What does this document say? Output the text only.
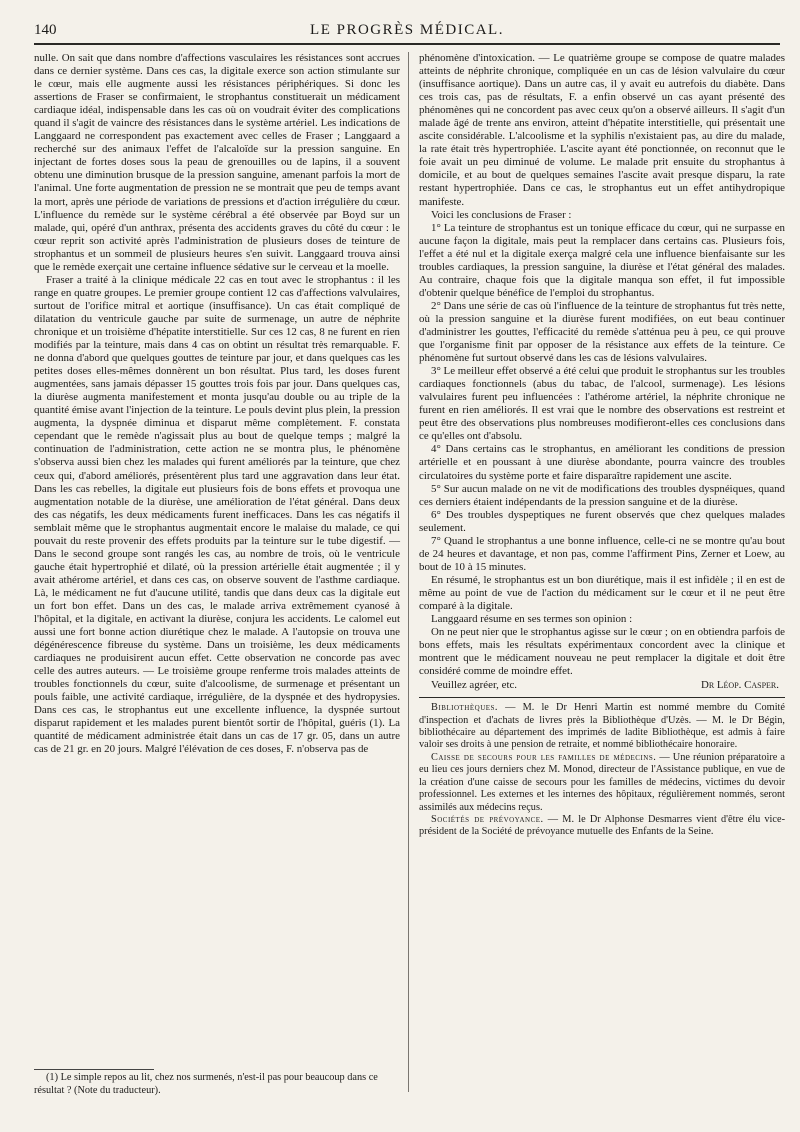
140	LE PROGRÈS MÉDICAL.

nulle. On sait que dans nombre d'affections vasculaires les résistances sont accrues dans ce dernier système. Dans ces cas, la digitale exerce son action stimulante sur le cœur, mais elle augmente aussi les résistances périphériques. Si donc les assertions de Fraser se confirmaient, le strophantus constituerait un médicament cardiaque idéal, indispensable dans les cas où on voudrait éviter des complications quand il s'agit de vaincre des résistances dans le système artériel. Les indications de Langgaard ne correspondent pas exactement avec celles de Fraser ; Langgaard a recherché sur des animaux l'effet de l'alcaloïde sur la pression sanguine. En injectant de fortes doses sous la peau de grenouilles ou de lapins, il a souvent obtenu une diminution brusque de la pression sanguine, amenant parfois la mort de l'animal. Une forte augmentation de pression ne se montrait que peu de temps avant la mort, après une période de variations de pressions et d'action irrégulière du cœur. L'influence du remède sur le système cérébral a été observée par Boyd sur un malade, qui, opéré d'un anthrax, présenta des accidents graves du côté du cœur : le cœur reprit son activité après l'administration de plusieurs doses de teinture de strophantus et un sommeil de plusieurs heures s'en suivit. Langgaard trouva ainsi que le remède exerçait une certaine influence sédative sur le cerveau et la moelle.

Fraser a traité à la clinique médicale 22 cas en tout avec le strophantus : il les range en quatre groupes. Le premier groupe contient 12 cas d'affections valvulaires, surtout de l'orifice mitral et aortique (insuffisance). Un cas était compliqué de dilatation du ventricule gauche par suite de surmenage, un autre de néphrite chronique et un troisième d'hépatite interstitielle. Sur ces 12 cas, 8 ne furent en rien modifiés par la teinture, mais dans 4 cas on obtint un résultat très remarquable. F. ne donna d'abord que quelques gouttes de teinture par jour, et dans quelques cas les petites doses elles-mêmes donnèrent un bon résultat. Plus tard, les doses furent augmentées, sans jamais dépasser 15 gouttes trois fois par jour. Dans quelques cas, la diurèse augmenta manifestement et monta jusqu'au double ou au triple de la quantité émise avant l'injection de la teinture. Le pouls devint plus plein, la pression augmenta, la dyspnée diminua et disparut même complètement. F. constata cependant que le remède n'agissait plus au bout de quelque temps ; malgré la continuation de l'administration, cette action ne se montra plus, le phénomène s'observa aussi bien chez les malades qui furent améliorés par la teinture, que chez ceux qui, d'abord améliorés, présentèrent plus tard une aggravation dans leur état. Dans les cas rebelles, la digitale eut plusieurs fois de bons effets et provoqua une augmentation notable de la diurèse, une amélioration de l'état général. Dans deux des cas négatifs, les deux médicaments furent inefficaces. Dans les cas négatifs il semblait même que le strophantus augmentait encore le malaise du malade, ce qui pouvait du reste provenir des effets produits par la teinture sur le tube digestif. — Dans le second groupe sont rangés les cas, au nombre de trois, où le ventricule gauche était hypertrophié et dilaté, où la pression artérielle était augmentée ; il y avait athérome artériel, et dans ces cas, on observe souvent de l'asthme cardiaque. Là, le médicament ne fut d'aucune utilité, tandis que dans deux cas la digitale eut un fort bon effet. Dans un des cas, le malade arriva extrêmement cyanosé à l'hôpital, et la digitale, en activant la diurèse, conjura les accidents. Le calomel eut aussi une fort bonne action diurétique chez le malade. A l'autopsie on trouva une dégénérescence fibreuse du système. Dans un troisième, les deux médicaments cardiaques ne produisirent aucun effet. Cette observation ne concorde pas avec celle des autres auteurs. — Le troisième groupe renferme trois malades atteints de troubles fonctionnels du cœur, suite d'alcoolisme, de surmenage et présentant un pouls faible, une activité cardiaque, irrégulière, de la dyspnée et des hydropysies. Dans ces cas, le strophantus eut une excellente influence, la dyspnée surtout disparut rapidement et les malades purent bientôt sortir de l'hôpital, guéris (1). La quantité de médicament administrée était dans un cas de 17 gr. 05, dans un autre cas de 21 gr. en 20 jours. Malgré l'élévation de ces doses, F. n'observa pas de

(1) Le simple repos au lit, chez nos surmenés, n'est-il pas pour beaucoup dans ce résultat ? (Note du traducteur).

phénomène d'intoxication. — Le quatrième groupe se compose de quatre malades atteints de néphrite chronique, compliquée en un cas de lésion valvulaire du cœur (insuffisance aortique). Dans un autre cas, il y avait eu autrefois du diabète. Dans ces trois cas, pas de résultats, F. a enfin observé un cas ayant présenté des phénomènes qui ne concordent pas avec ceux qu'on a observé ailleurs. Il s'agit d'un malade âgé de trente ans environ, atteint d'hépatite interstitielle, qui présentait une ascite considérable. L'alcoolisme et la syphilis n'existaient pas, au dire du malade, la rate était très hypertrophiée. L'ascite ayant été ponctionnée, on reconnut que le foie avait un peu diminué de volume. Le malade prit ensuite du strophantus à domicile, et au bout de quelques semaines l'ascite avait presque disparu, la rate restant hypertrophiée. Dans ce cas, le strophantus eut un effet antihydropique manifeste.

Voici les conclusions de Fraser :

1° La teinture de strophantus est un tonique efficace du cœur, qui ne surpasse en aucune façon la digitale, mais peut la remplacer dans certains cas. Plusieurs fois, l'effet a été nul et la digitale exerça malgré cela une influence bienfaisante sur les troubles cardiaques, la pression sanguine, la diurèse et l'état général des malades. Au contraire, chaque fois que la digitale manqua son effet, il fut impossible d'obtenir quelque bénéfice de l'emploi du strophantus.

2° Dans une série de cas où l'influence de la teinture de strophantus fut très nette, où la pression sanguine et la diurèse furent modifiées, on eut beau continuer d'administrer les gouttes, l'efficacité du remède s'atténua peu à peu, ce qui prouve que l'organisme finit par opposer de la résistance aux effets de la teinture. Ce phénomène fut surtout observé dans les cas de lésions valvulaires.

3° Le meilleur effet observé a été celui que produit le strophantus sur les troubles cardiaques fonctionnels (abus du tabac, de l'alcool, surmenage). Les lésions valvulaires furent peu influencées : l'athérome artériel, la néphrite chronique ne furent en rien améliorés. Il est vrai que le nombre des observations est restreint et peut être des observations plus nombreuses modifieront-elles ces conclusions dans ce qu'elles ont d'absolu.

4° Dans certains cas le strophantus, en améliorant les conditions de pression artérielle et en poussant à une diurèse abondante, pourra vaincre des troubles circulatoires du système porte et faire disparaître rapidement une ascite.

5° Sur aucun malade on ne vit de modifications des troubles dyspnéiques, quand ces derniers étaient indépendants de la pression sanguine et de la diurèse.

6° Des troubles dyspeptiques ne furent observés que chez quelques malades seulement.

7° Quand le strophantus a une bonne influence, celle-ci ne se montre qu'au bout de 24 heures et davantage, et non pas, comme l'affirment Pins, Zerner et Loew, au bout de 10 à 15 minutes.

En résumé, le strophantus est un bon diurétique, mais il est infidèle ; il en est de même au point de vue de l'action du médicament sur le cœur et il ne peut être comparé à la digitale.

Langgaard résume en ses termes son opinion :

On ne peut nier que le strophantus agisse sur le cœur ; on en obtiendra parfois de bons effets, mais les résultats expérimentaux concordent avec la clinique et montrent que le médicament nouveau ne peut remplacer la digitale et doit être considéré comme de moindre effet.

Veuillez agréer, etc.	Dr Léop. Casper.

Bibliothèques. — M. le Dr Henri Martin est nommé membre du Comité d'inspection et d'achats de livres près la Bibliothèque d'Uzès. — M. le Dr Bégin, bibliothécaire au département des imprimés de ladite Bibliothèque, est admis à faire valoir ses droits à une pension de retraite, et nommé bibliothécaire honoraire.

Caisse de secours pour les familles de médecins. — Une réunion préparatoire a eu lieu ces jours derniers chez M. Monod, directeur de l'Assistance publique, en vue de la création d'une caisse de secours pour les familles de médecins, victimes du devoir professionnel. Les externes et les internes des hôpitaux, régulièrement nommés, seront assimilés aux médecins reçus.

Sociétés de prévoyance. — M. le Dr Alphonse Desmarres vient d'être élu vice-président de la Société de prévoyance mutuelle des Enfants de la Seine.
